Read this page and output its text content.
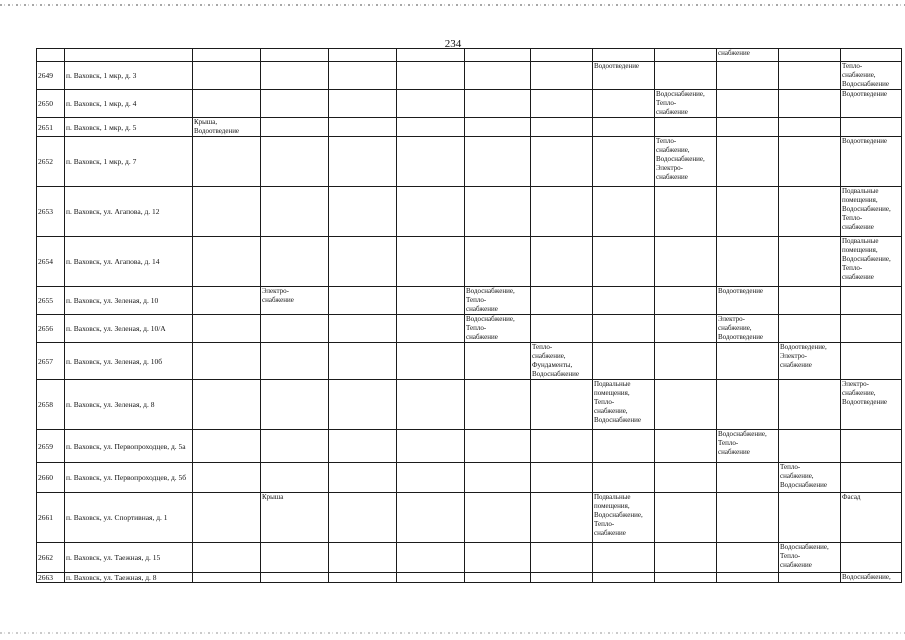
234
										снабжение		
2649	п. Ваховск, 1 мкр, д. 3							Водоотведение				Тепло-
снабжение,
Водоснабжение
2650	п. Ваховск, 1 мкр, д. 4								Водоснабжение,
Тепло-
снабжение			Водоотведение
2651	п. Ваховск, 1 мкр, д. 5	Крыша,
Водоотведение										
2652	п. Ваховск, 1 мкр, д. 7								Тепло-
снабжение,
Водоснабжение,
Электро-
снабжение			Водоотведение
2653	п. Ваховск, ул. Агапова, д. 12											Подвальные
помещения,
Водоснабжение,
Тепло-
снабжение
2654	п. Ваховск, ул. Агапова, д. 14											Подвальные
помещения,
Водоснабжение,
Тепло-
снабжение
2655	п. Ваховск, ул. Зеленая, д. 10		Электро-
снабжение			Водоснабжение,
Тепло-
снабжение				Водоотведение		
2656	п. Ваховск, ул. Зеленая, д. 10/А					Водоснабжение,
Тепло-
снабжение				Электро-
снабжение,
Водоотведение		
2657	п. Ваховск, ул. Зеленая, д. 10б						Тепло-
снабжение,
Фундаменты,
Водоснабжение				Водоотведение,
Электро-
снабжение	
2658	п. Ваховск, ул. Зеленая, д. 8							Подвальные
помещения,
Тепло-
снабжение,
Водоснабжение				Электро-
снабжение,
Водоотведение
2659	п. Ваховск, ул. Первопроходцев, д. 5а									Водоснабжение,
Тепло-
снабжение		
2660	п. Ваховск, ул. Первопроходцев, д. 5б										Тепло-
снабжение,
Водоснабжение	
2661	п. Ваховск, ул. Спортивная, д. 1		Крыша					Подвальные
помещения,
Водоснабжение,
Тепло-
снабжение				Фасад
2662	п. Ваховск, ул. Таежная, д. 15										Водоснабжение,
Тепло-
снабжение	
2663	п. Ваховск, ул. Таежная, д. 8											Водоснабжение,
